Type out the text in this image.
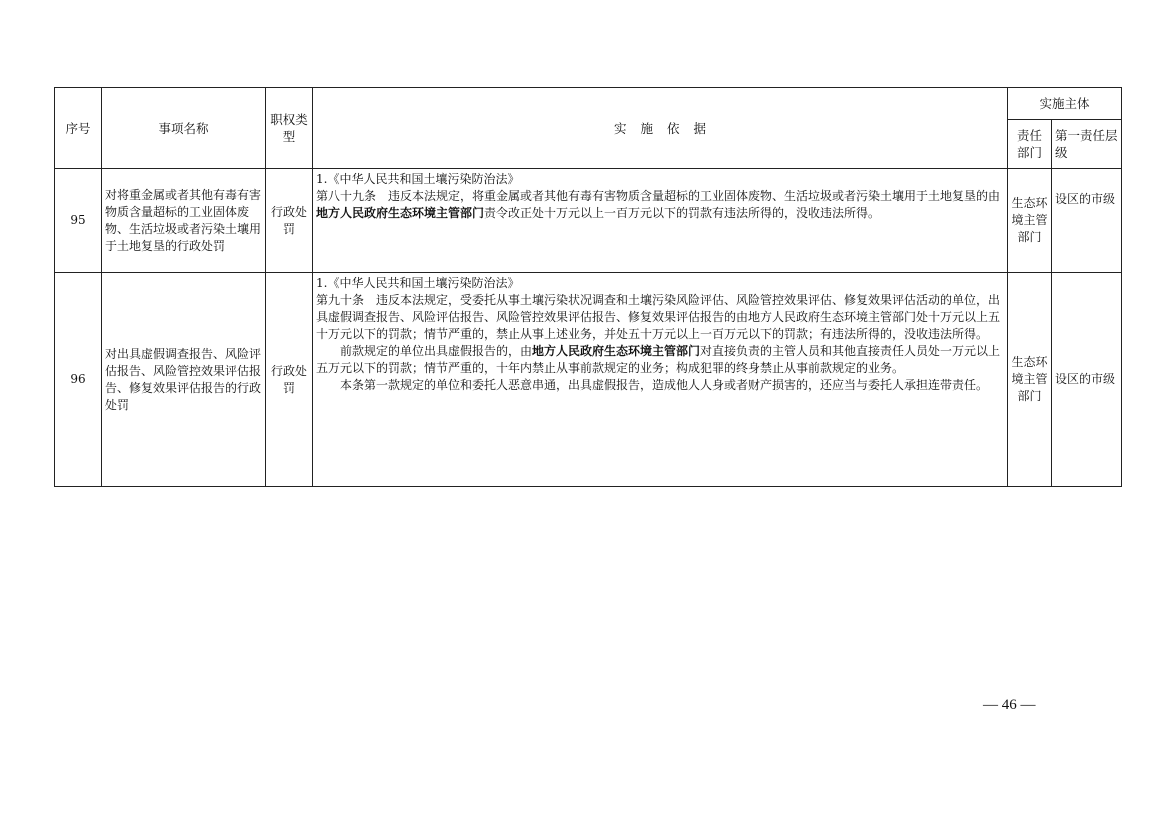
序号	事项名称	职权类型	实 施 依 据	实施主体	
				责任部门	第一责任层级
95	对将重金属或者其他有毒有害物质含量超标的工业固体废物、生活垃圾或者污染土壤用于土地复垦的行政处罚	行政处罚	1.《中华人民共和国土壤污染防治法》

第八十九条　违反本法规定，将重金属或者其他有毒有害物质含量超标的工业固体废物、生活垃圾或者污染土壤用于土地复垦的由地方人民政府生态环境主管部门责令改正处十万元以上一百万元以下的罚款有违法所得的，没收违法所得。	生态环境主管部门	设区的市级
96	对出具虚假调查报告、风险评估报告、风险管控效果评估报告、修复效果评估报告的行政处罚	行政处罚	1.《中华人民共和国土壤污染防治法》

第九十条　违反本法规定，受委托从事土壤污染状况调查和土壤污染风险评估、风险管控效果评估、修复效果评估活动的单位，出具虚假调查报告、风险评估报告、风险管控效果评估报告、修复效果评估报告的由地方人民政府生态环境主管部门处十万元以上五十万元以下的罚款；情节严重的，禁止从事上述业务，并处五十万元以上一百万元以下的罚款；有违法所得的，没收违法所得。

前款规定的单位出具虚假报告的，由地方人民政府生态环境主管部门对直接负责的主管人员和其他直接责任人员处一万元以上五万元以下的罚款；情节严重的，十年内禁止从事前款规定的业务；构成犯罪的终身禁止从事前款规定的业务。

本条第一款规定的单位和委托人恶意串通，出具虚假报告，造成他人人身或者财产损害的，还应当与委托人承担连带责任。	生态环境主管部门	设区的市级
— 46 —
